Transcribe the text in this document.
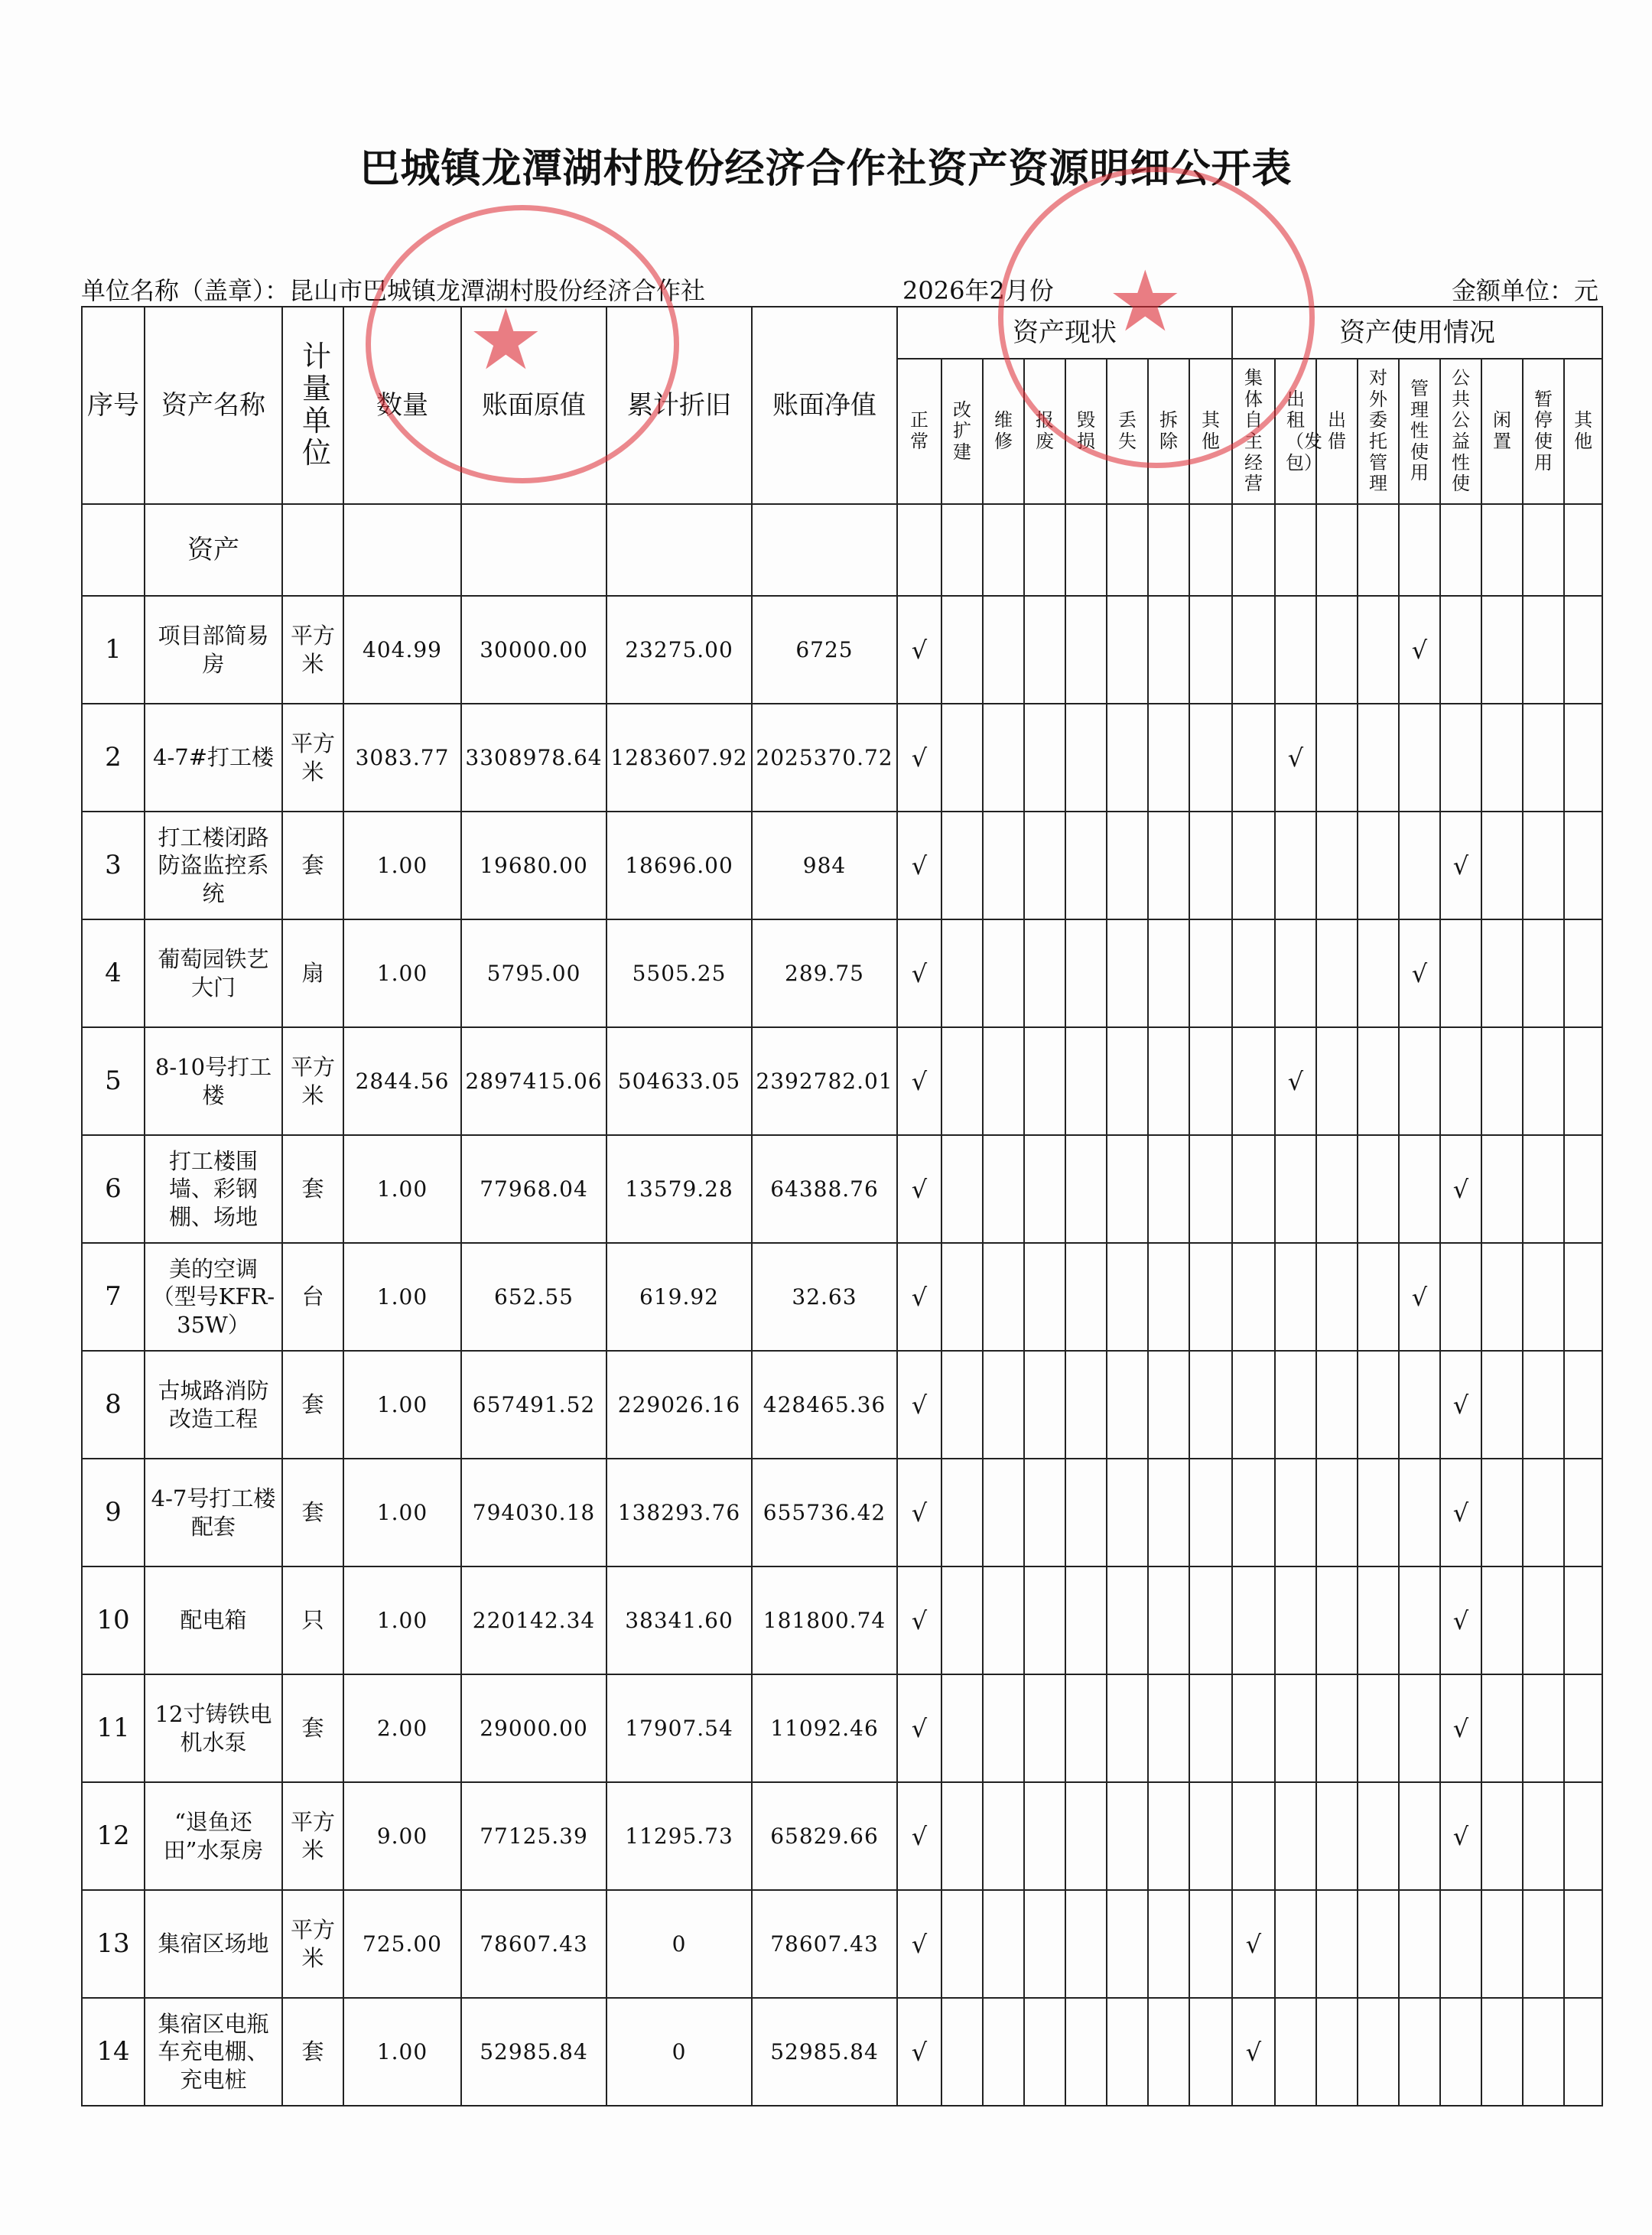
巴城镇龙潭湖村股份经济合作社资产资源明细公开表
单位名称（盖章）：昆山市巴城镇龙潭湖村股份经济合作社	2026年2月份	金额单位：元
序号	资产名称	计量单位	数量	账面原值	累计折旧	账面净值	资产现状								资产使用情况								

							正常	改扩建	维修	报废	毁损	丢失	拆除	其他	集体自主经营	出租（发包）	出借	对外委托管理	管理性使用	公共公益性使	闲置	暂停使用	其他

	资产																						
1	项目部简易房	平方米	404.99	30000.00	23275.00	6725	√												√				
2	4-7#打工楼	平方米	3083.77	3308978.64	1283607.92	2025370.72	√									√							
3	打工楼闭路防盗监控系统	套	1.00	19680.00	18696.00	984	√													√			
4	葡萄园铁艺大门	扇	1.00	5795.00	5505.25	289.75	√												√				
5	8-10号打工楼	平方米	2844.56	2897415.06	504633.05	2392782.01	√									√							
6	打工楼围墙、彩钢棚、场地	套	1.00	77968.04	13579.28	64388.76	√													√			
7	美的空调（型号KFR-35W）	台	1.00	652.55	619.92	32.63	√												√				
8	古城路消防改造工程	套	1.00	657491.52	229026.16	428465.36	√													√			
9	4-7号打工楼配套	套	1.00	794030.18	138293.76	655736.42	√													√			
10	配电箱	只	1.00	220142.34	38341.60	181800.74	√													√			
11	12寸铸铁电机水泵	套	2.00	29000.00	17907.54	11092.46	√													√			
12	“退鱼还田”水泵房	平方米	9.00	77125.39	11295.73	65829.66	√													√			
13	集宿区场地	平方米	725.00	78607.43	0	78607.43	√								√								
14	集宿区电瓶车充电棚、充电桩	套	1.00	52985.84	0	52985.84	√								√								
★	★
